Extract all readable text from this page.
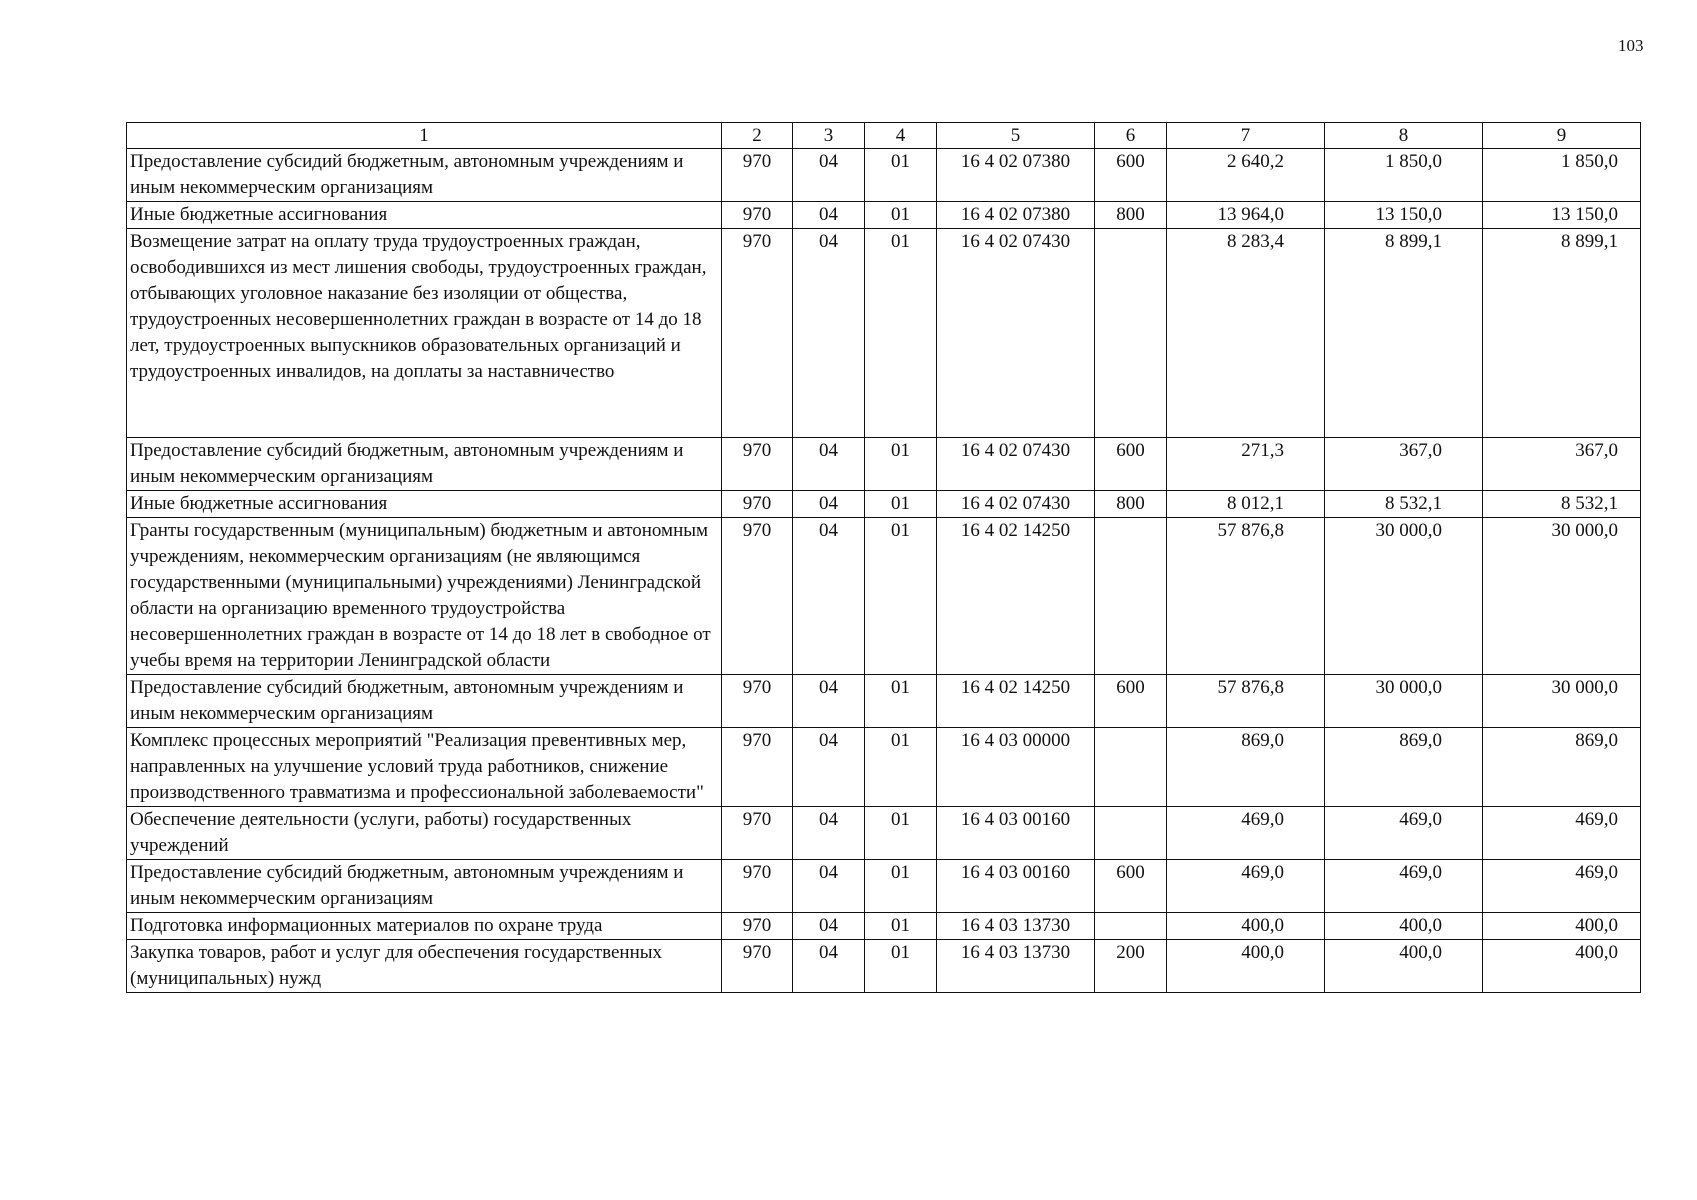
103
1	2	3	4	5	6	7	8	9
Предоставление субсидий бюджетным, автономным учреждениям и иным некоммерческим организациям	970	04	01	16 4 02 07380	600	2 640,2	1 850,0	1 850,0
Иные бюджетные ассигнования	970	04	01	16 4 02 07380	800	13 964,0	13 150,0	13 150,0
Возмещение затрат на оплату труда трудоустроенных граждан, освободившихся из мест лишения свободы, трудоустроенных граждан, отбывающих уголовное наказание без изоляции от общества, трудоустроенных несовершеннолетних граждан в возрасте от 14 до 18 лет, трудоустроенных выпускников образовательных организаций и трудоустроенных инвалидов, на доплаты за наставничество	970	04	01	16 4 02 07430		8 283,4	8 899,1	8 899,1
Предоставление субсидий бюджетным, автономным учреждениям и иным некоммерческим организациям	970	04	01	16 4 02 07430	600	271,3	367,0	367,0
Иные бюджетные ассигнования	970	04	01	16 4 02 07430	800	8 012,1	8 532,1	8 532,1
Гранты государственным (муниципальным) бюджетным и автономным учреждениям, некоммерческим организациям (не являющимся государственными (муниципальными) учреждениями) Ленинградской области на организацию временного трудоустройства несовершеннолетних граждан в возрасте от 14 до 18 лет в свободное от учебы время на территории Ленинградской области	970	04	01	16 4 02 14250		57 876,8	30 000,0	30 000,0
Предоставление субсидий бюджетным, автономным учреждениям и иным некоммерческим организациям	970	04	01	16 4 02 14250	600	57 876,8	30 000,0	30 000,0
Комплекс процессных мероприятий "Реализация превентивных мер, направленных на улучшение условий труда работников, снижение производственного травматизма и профессиональной заболеваемости"	970	04	01	16 4 03 00000		869,0	869,0	869,0
Обеспечение деятельности (услуги, работы) государственных учреждений	970	04	01	16 4 03 00160		469,0	469,0	469,0
Предоставление субсидий бюджетным, автономным учреждениям и иным некоммерческим организациям	970	04	01	16 4 03 00160	600	469,0	469,0	469,0
Подготовка информационных материалов по охране труда	970	04	01	16 4 03 13730		400,0	400,0	400,0
Закупка товаров, работ и услуг для обеспечения государственных (муниципальных) нужд	970	04	01	16 4 03 13730	200	400,0	400,0	400,0
